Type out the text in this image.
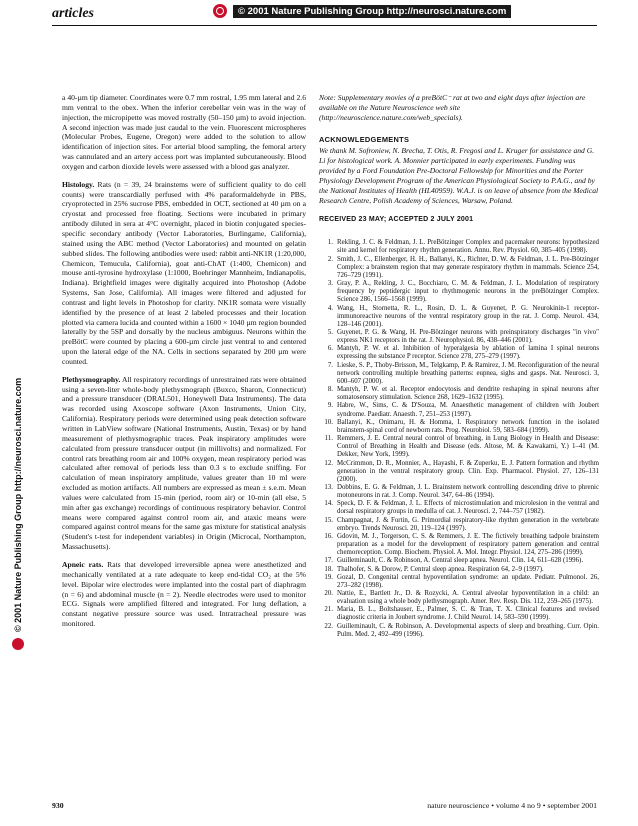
articles	© 2001 Nature Publishing Group http://neurosci.nature.com
© 2001 Nature Publishing Group http://neurosci.nature.com

a 40-µm tip diameter. Coordinates were 0.7 mm rostral, 1.95 mm lateral and 2.6 mm ventral to the obex. When the inferior cerebellar vein was in the way of injection, the micropipette was moved rostrally (50–150 µm) to avoid injection. A second injection was made just caudal to the vein. Fluorescent microspheres (Molecular Probes, Eugene, Oregon) were added to the solution to allow identification of injection sites. For arterial blood sampling, the femoral artery was cannulated and an artery access port was implanted subcutaneously. Blood oxygen and carbon dioxide levels were assessed with a blood gas analyzer.

Histology. Rats (n = 39, 24 brainstems were of sufficient quality to do cell counts) were transcardially perfused with 4% paraformaldehyde in PBS, cryoprotected in 25% sucrose PBS, embedded in OCT, sectioned at 40 µm on a cryostat and processed free floating. Sections were incubated in primary antibody diluted in sera at 4°C overnight, placed in biotin conjugated species-specific secondary antibody (Vector Laboratories, Burlingame, California), stained using the ABC method (Vector Laboratories) and mounted on gelatin subbed slides. The following antibodies were used: rabbit anti-NK1R (1:20,000, Chemicon, Temucula, California), goat anti-ChAT (1:400, Chemicon) and mouse anti-tyrosine hydroxylase (1:1000, Boehringer Mannheim, Indianapolis, Indiana). Brightfield images were digitally acquired into Photoshop (Adobe Systems, San Jose, California). All images were filtered and adjusted for contrast and light levels in Photoshop for clarity. NK1R somata were visually identified by the presence of at least 2 labeled processes and their location plotted via camera lucida and counted within a 1600 × 1040 µm region bounded laterally by the 5SP and dorsally by the nucleus ambiguus. Neurons within the preBötC were counted by placing a 600-µm circle just ventral to and centered upon the lateral edge of the NA. Cells in sections separated by 200 µm were counted.

Plethysmography. All respiratory recordings of unrestrained rats were obtained using a seven-liter whole-body plethysmograph (Buxco, Sharon, Connecticut) and a pressure transducer (DRAL501, Honeywell Data Instruments). The data was recorded using Axoscope software (Axon Instruments, Union City, California). Respiratory periods were determined using peak detection software written in LabView software (National Instruments, Austin, Texas) or by hand measurement of plethysmographic traces. Peak inspiratory amplitudes were calculated from pressure transducer output (in millivolts) and normalized. For control rats breathing room air and 100% oxygen, mean respiratory period was calculated after removal of periods less than 0.3 s to exclude sniffing. For calculation of mean inspiratory amplitude, values greater than 10 ml were excluded as motion artifacts. All numbers are expressed as mean ± s.e.m. Mean values were calculated from 15-min (period, room air) or 10-min (all else, 5 min after gas exchange) recordings of continuous respiratory behavior. Control means were compared against control room air, and ataxic means were compared against control means for the same gas mixture for statistical analysis (Student's t-test for independent variables) in Origin (Microcal, Northampton, Massachusetts).

Apneic rats. Rats that developed irreversible apnea were anesthetized and mechanically ventilated at a rate adequate to keep end-tidal CO₂ at the 5% level. Bipolar wire electrodes were implanted into the costal part of diaphragm (n = 6) and abdominal muscle (n = 2). Needle electrodes were used to monitor ECG. Signals were amplified filtered and integrated. For lung deflation, a constant negative pressure source was used. Intratracheal pressure was monitored.

Note: Supplementary movies of a preBötC⁻ rat at two and eight days after injection are available on the Nature Neuroscience web site (http://neuroscience.nature.com/web_specials).
ACKNOWLEDGEMENTS
We thank M. Sofroniew, N. Brecha, T. Otis, R. Fregosi and L. Kruger for assistance and G. Li for histological work. A. Monnier participated in early experiments. Funding was provided by a Ford Foundation Pre-Doctoral Fellowship for Minorities and the Porter Physiology Development Program of the American Physiological Society to P.A.G., and by the National Institutes of Health (HL40959). W.A.J. is on leave of absence from the Medical Research Centre, Polish Academy of Sciences, Warsaw, Poland.
RECEIVED 23 MAY; ACCEPTED 2 JULY 2001
1. Rekling, J. C. & Feldman, J. L. PreBötzinger Complex and pacemaker neurons: hypothesized site and kernel for respiratory rhythm generation. Annu. Rev. Physiol. 60, 385–405 (1998).
2. Smith, J. C., Ellenberger, H. H., Ballanyi, K., Richter, D. W. & Feldman, J. L. Pre-Bötzinger Complex: a brainstem region that may generate respiratory rhythm in mammals. Science 254, 726–729 (1991).
3. Gray, P. A., Rekling, J. C., Bocchiaro, C. M. & Feldman, J. L. Modulation of respiratory frequency by peptidergic input to rhythmogenic neurons in the preBötzinger Complex. Science 286, 1566–1568 (1999).
4. Wang, H., Stornetta, R. L., Rosin, D. L. & Guyenet, P. G. Neurokinin-1 receptor-immunoreactive neurons of the ventral respiratory group in the rat. J. Comp. Neurol. 434, 128–146 (2001).
5. Guyenet, P. G. & Wang, H. Pre-Bötzinger neurons with preinspiratory discharges "in vivo" express NK1 receptors in the rat. J. Neurophysiol. 86, 438–446 (2001).
6. Mantyh, P. W. et al. Inhibition of hyperalgesia by ablation of lamina I spinal neurons expressing the substance P receptor. Science 278, 275–279 (1997).
7. Lieske, S. P., Thoby-Brisson, M., Telgkamp, P. & Ramirez, J. M. Reconfiguration of the neural network controlling multiple breathing patterns: eupnea, sighs and gasps. Nat. Neurosci. 3, 600–607 (2000).
8. Mantyh, P. W. et al. Receptor endocytosis and dendrite reshaping in spinal neurons after somatosensory stimulation. Science 268, 1629–1632 (1995).
9. Habre, W., Sims, C. & D'Souza, M. Anaesthetic management of children with Joubert syndrome. Paediatr. Anaesth. 7, 251–253 (1997).
10. Ballanyi, K., Onimaru, H. & Homma, I. Respiratory network function in the isolated brainstem-spinal cord of newborn rats. Prog. Neurobiol. 59, 583–684 (1999).
11. Remmers, J. E. Central neural control of breathing, in Lung Biology in Health and Disease: Control of Breathing in Health and Disease (eds. Altose, M. & Kawakami, Y.) 1–41 (M. Dekker, New York, 1999).
12. McCrimmon, D. R., Monnier, A., Hayashi, F. & Zuperku, E. J. Pattern formation and rhythm generation in the ventral respiratory group. Clin. Exp. Pharmacol. Physiol. 27, 126–131 (2000).
13. Dobbins, E. G. & Feldman, J. L. Brainstem network controlling descending drive to phrenic motoneurons in rat. J. Comp. Neurol. 347, 64–86 (1994).
14. Speck, D. F. & Feldman, J. L. Effects of microstimulation and microlesion in the ventral and dorsal respiratory groups in medulla of cat. J. Neurosci. 2, 744–757 (1982).
15. Champagnat, J. & Fortin, G. Primordial respiratory-like rhythm generation in the vertebrate embryo. Trends Neurosci. 20, 119–124 (1997).
16. Gdovin, M. J., Torgerson, C. S. & Remmers, J. E. The fictively breathing tadpole brainstem preparation as a model for the development of respiratory pattern generation and central chemoreception. Comp. Biochem. Physiol. A. Mol. Integr. Physiol. 124, 275–286 (1999).
17. Guilleminault, C. & Robinson, A. Central sleep apnea. Neurol. Clin. 14, 611–628 (1996).
18. Thalhofer, S. & Dorow, P. Central sleep apnea. Respiration 64, 2–9 (1997).
19. Gozal, D. Congenital central hypoventilation syndrome: an update. Pediatr. Pulmonol. 26, 273–282 (1998).
20. Nattie, E., Bartlett Jr., D. & Rozycki, A. Central alveolar hypoventilation in a child: an evaluation using a whole body plethysmograph. Amer. Rev. Resp. Dis. 112, 259–265 (1975).
21. Maria, B. L., Boltshauser, E., Palmer, S. C. & Tran, T. X. Clinical features and revised diagnostic criteria in Joubert syndrome. J. Child Neurol. 14, 583–590 (1999).
22. Guilleminault, C. & Robinson, A. Developmental aspects of sleep and breathing. Curr. Opin. Pulm. Med. 2, 492–499 (1996).
930	nature neuroscience • volume 4 no 9 • september 2001
